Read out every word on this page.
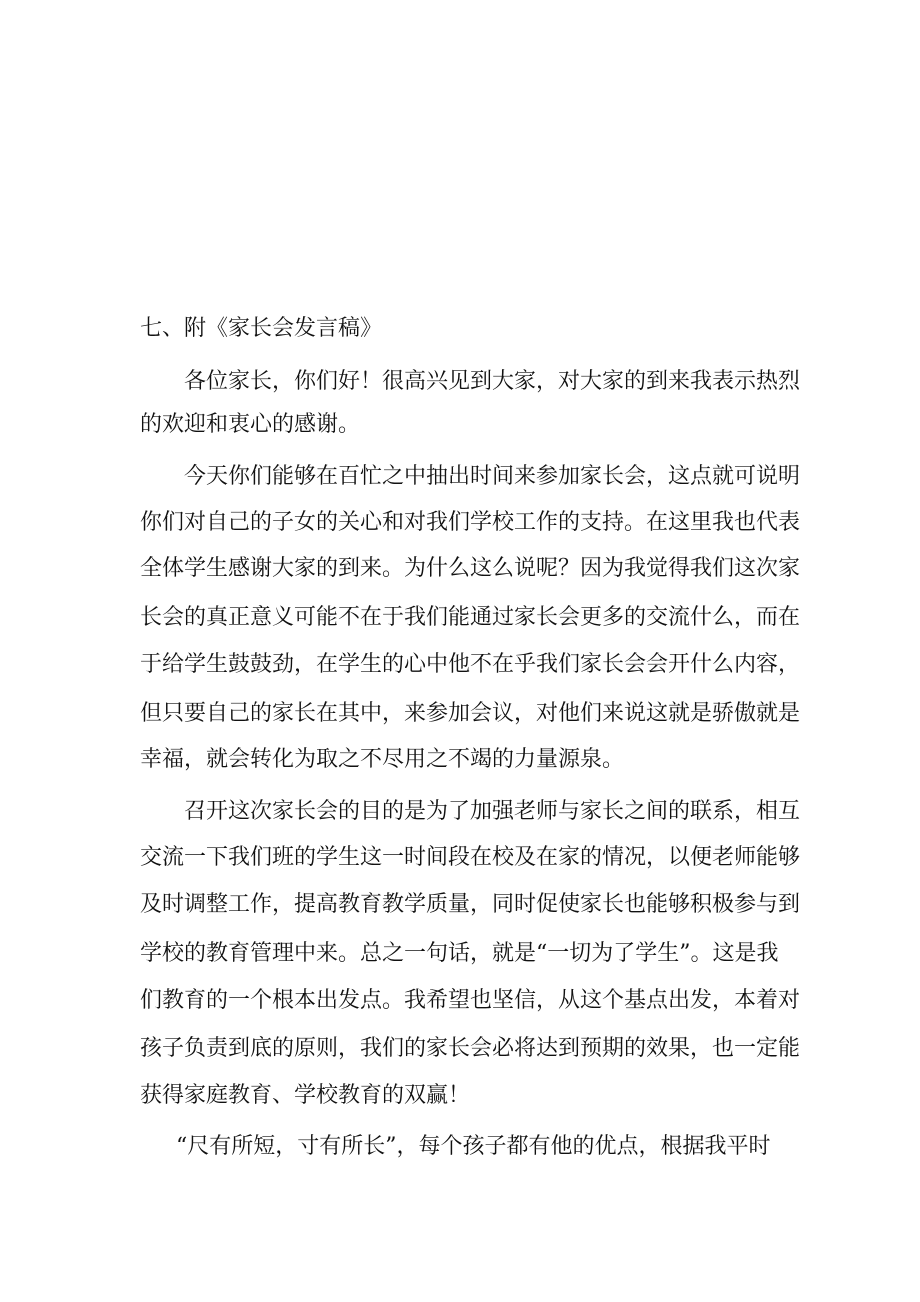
七、附《家长会发言稿》
各位家长，你们好！很高兴见到大家，对大家的到来我表示热烈
的欢迎和衷心的感谢。
今天你们能够在百忙之中抽出时间来参加家长会，这点就可说明
你们对自己的子女的关心和对我们学校工作的支持。在这里我也代表
全体学生感谢大家的到来。为什么这么说呢？因为我觉得我们这次家
长会的真正意义可能不在于我们能通过家长会更多的交流什么，而在
于给学生鼓鼓劲，在学生的心中他不在乎我们家长会会开什么内容，
但只要自己的家长在其中，来参加会议，对他们来说这就是骄傲就是
幸福，就会转化为取之不尽用之不竭的力量源泉。
召开这次家长会的目的是为了加强老师与家长之间的联系，相互
交流一下我们班的学生这一时间段在校及在家的情况，以便老师能够
及时调整工作，提高教育教学质量，同时促使家长也能够积极参与到
学校的教育管理中来。总之一句话，就是“一切为了学生”。这是我
们教育的一个根本出发点。我希望也坚信，从这个基点出发，本着对
孩子负责到底的原则，我们的家长会必将达到预期的效果，也一定能
获得家庭教育、学校教育的双赢！
“尺有所短，寸有所长”，每个孩子都有他的优点，根据我平时
